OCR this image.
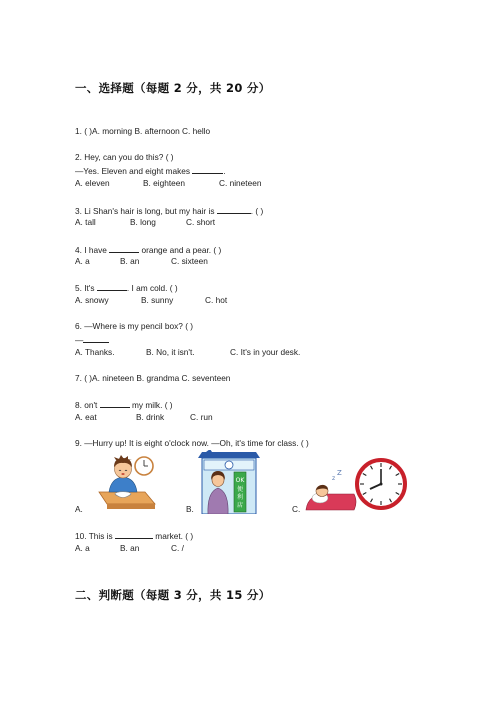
一、选择题（每题 2 分，共 20 分）
1. ( )A. morning B. afternoon C. hello
2. Hey, can you do this? ( )
—Yes. Eleven and eight makes	.
A. eleven	B. eighteen	C. nineteen
3. Li Shan's hair is long, but my hair is	. ( )
A. tall	B. long	C. short
4. I have	orange and a pear. ( )
A. a	B. an	C. sixteen
5. It's	. I am cold. ( )
A. snowy	B. sunny	C. hot
6. —Where is my pencil box? ( )
—
A. Thanks.	B. No, it isn't.	C. It's in your desk.
7. ( )A. nineteen B. grandma C. seventeen
8. on't	my milk. ( )
A. eat	B. drink	C. run
9. —Hurry up! It is eight o'clock now. —Oh, it's time for class. ( )
A.	B.	C.
OK
便
利
店
z
Z
10. This is	market. ( )
A. a	B. an	C. /
二、判断题（每题 3 分，共 15 分）
